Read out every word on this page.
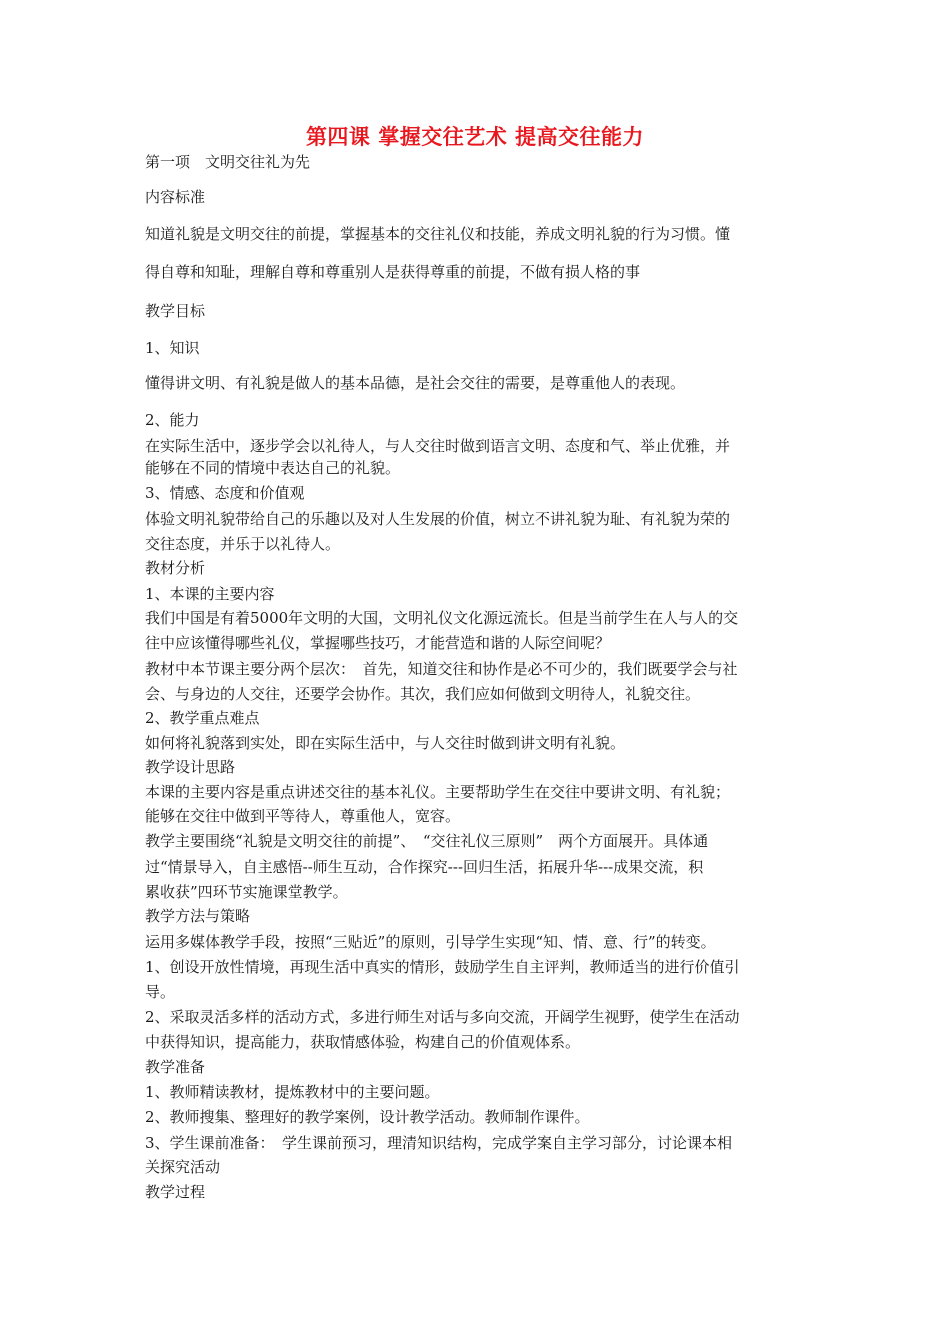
第四课 掌握交往艺术 提高交往能力
第一项　文明交往礼为先
内容标准
知道礼貌是文明交往的前提，掌握基本的交往礼仪和技能，养成文明礼貌的行为习惯。懂
得自尊和知耻，理解自尊和尊重别人是获得尊重的前提，不做有损人格的事
教学目标
1、知识
懂得讲文明、有礼貌是做人的基本品德，是社会交往的需要，是尊重他人的表现。
2、能力
在实际生活中，逐步学会以礼待人，与人交往时做到语言文明、态度和气、举止优雅，并
能够在不同的情境中表达自己的礼貌。
3、情感、态度和价值观
体验文明礼貌带给自己的乐趣以及对人生发展的价值，树立不讲礼貌为耻、有礼貌为荣的
交往态度，并乐于以礼待人。
教材分析
1、本课的主要内容
我们中国是有着5000年文明的大国，文明礼仪文化源远流长。但是当前学生在人与人的交
往中应该懂得哪些礼仪，掌握哪些技巧，才能营造和谐的人际空间呢？
教材中本节课主要分两个层次：　首先，知道交往和协作是必不可少的，我们既要学会与社
会、与身边的人交往，还要学会协作。其次，我们应如何做到文明待人，礼貌交往。
2、教学重点难点
如何将礼貌落到实处，即在实际生活中，与人交往时做到讲文明有礼貌。
教学设计思路
本课的主要内容是重点讲述交往的基本礼仪。主要帮助学生在交往中要讲文明、有礼貌；
能够在交往中做到平等待人，尊重他人，宽容。
教学主要围绕“礼貌是文明交往的前提”、　“交往礼仪三原则”　两个方面展开。具体通
过“情景导入，自主感悟--师生互动，合作探究---回归生活，拓展升华---成果交流，积
累收获”四环节实施课堂教学。
教学方法与策略
运用多媒体教学手段，按照“三贴近”的原则，引导学生实现“知、情、意、行”的转变。
1、创设开放性情境，再现生活中真实的情形，鼓励学生自主评判，教师适当的进行价值引
导。
2、采取灵活多样的活动方式，多进行师生对话与多向交流，开阔学生视野，使学生在活动
中获得知识，提高能力，获取情感体验，构建自己的价值观体系。
教学准备
1、教师精读教材，提炼教材中的主要问题。
2、教师搜集、整理好的教学案例，设计教学活动。教师制作课件。
3、学生课前准备：　学生课前预习，理清知识结构，完成学案自主学习部分，讨论课本相
关探究活动
教学过程
